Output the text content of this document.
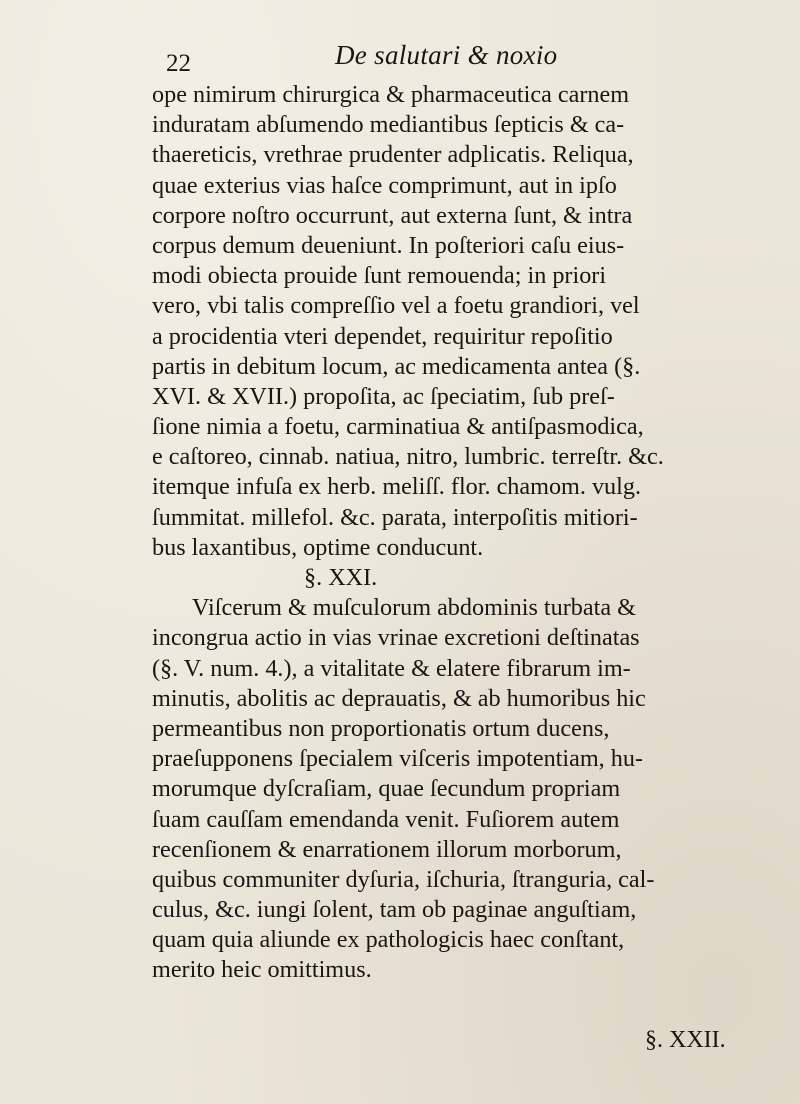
22	De salutari & noxio
ope nimirum chirurgica & pharmaceutica carnem
induratam abſumendo mediantibus ſepticis & ca-
thaereticis, vrethrae prudenter adplicatis. Reliqua,
quae exterius vias haſce comprimunt, aut in ipſo
corpore noſtro occurrunt, aut externa ſunt, & intra
corpus demum deueniunt. In poſteriori caſu eius-
modi obiecta prouide ſunt remouenda; in priori
vero, vbi talis compreſſio vel a foetu grandiori, vel
a procidentia vteri dependet, requiritur repoſitio
partis in debitum locum, ac medicamenta antea (§.
XVI. & XVII.) propoſita, ac ſpeciatim, ſub preſ-
ſione nimia a foetu, carminatiua & antiſpasmodica,
e caſtoreo, cinnab. natiua, nitro, lumbric. terreſtr. &c.
itemque infuſa ex herb. meliſſ. flor. chamom. vulg.
ſummitat. millefol. &c. parata, interpoſitis mitiori-
bus laxantibus, optime conducunt.
§. XXI.
Viſcerum & muſculorum abdominis turbata &
incongrua actio in vias vrinae excretioni deſtinatas
(§. V. num. 4.), a vitalitate & elatere fibrarum im-
minutis, abolitis ac deprauatis, & ab humoribus hic
permeantibus non proportionatis ortum ducens,
praeſupponens ſpecialem viſceris impotentiam, hu-
morumque dyſcraſiam, quae ſecundum propriam
ſuam cauſſam emendanda venit. Fuſiorem autem
recenſionem & enarrationem illorum morborum,
quibus communiter dyſuria, iſchuria, ſtranguria, cal-
culus, &c. iungi ſolent, tam ob paginae anguſtiam,
quam quia aliunde ex pathologicis haec conſtant,
merito heic omittimus.
§. XXII.
